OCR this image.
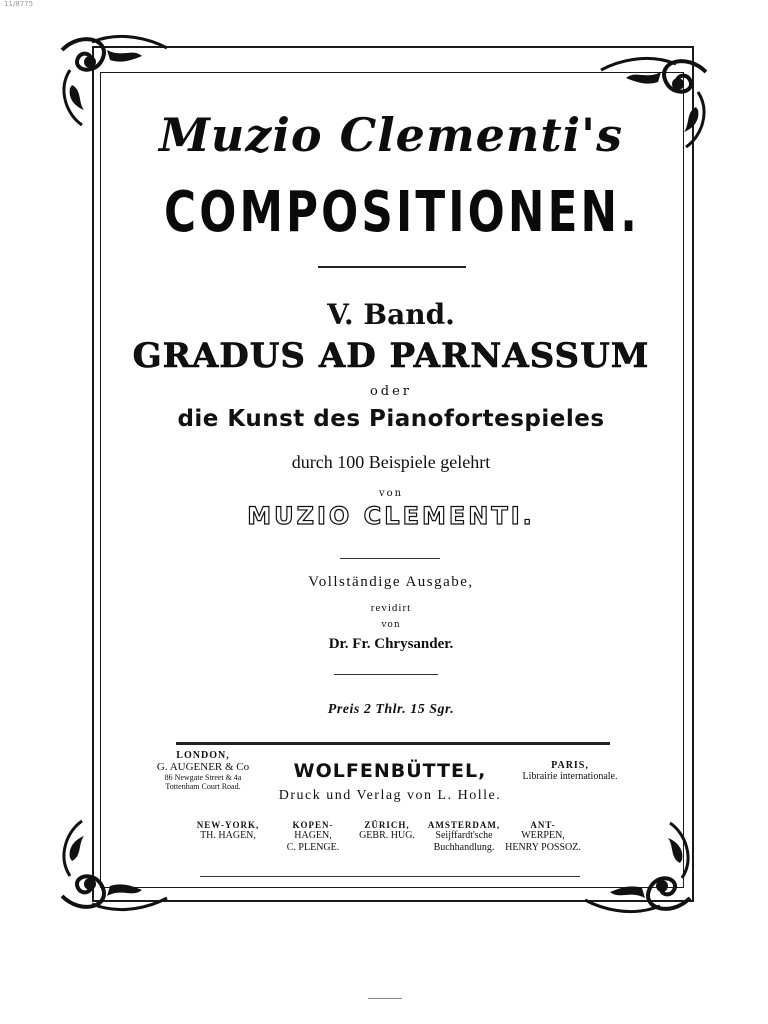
11/8775
Muzio Clementi's
COMPOSITIONEN.
V. Band.
GRADUS AD PARNASSUM
oder
die Kunst des Pianofortespieles
durch 100 Beispiele gelehrt
von
MUZIO CLEMENTI.
Vollständige Ausgabe,
revidirt
von
Dr. Fr. Chrysander.
Preis 2 Thlr. 15 Sgr.
LONDON,
G. AUGENER & Co
86 Newgate Street & 4a
Tottenham Court Road.
WOLFENBÜTTEL,
Druck und Verlag von L. Holle.
PARIS,
Librairie internationale.
NEW-YORK,
TH. HAGEN,
KOPEN-
HAGEN,
C. PLENGE.
ZÜRICH,
GEBR. HUG.
AMSTERDAM,
Seijffardt'sche
Buchhandlung.
ANT-
WERPEN,
HENRY POSSOZ.
